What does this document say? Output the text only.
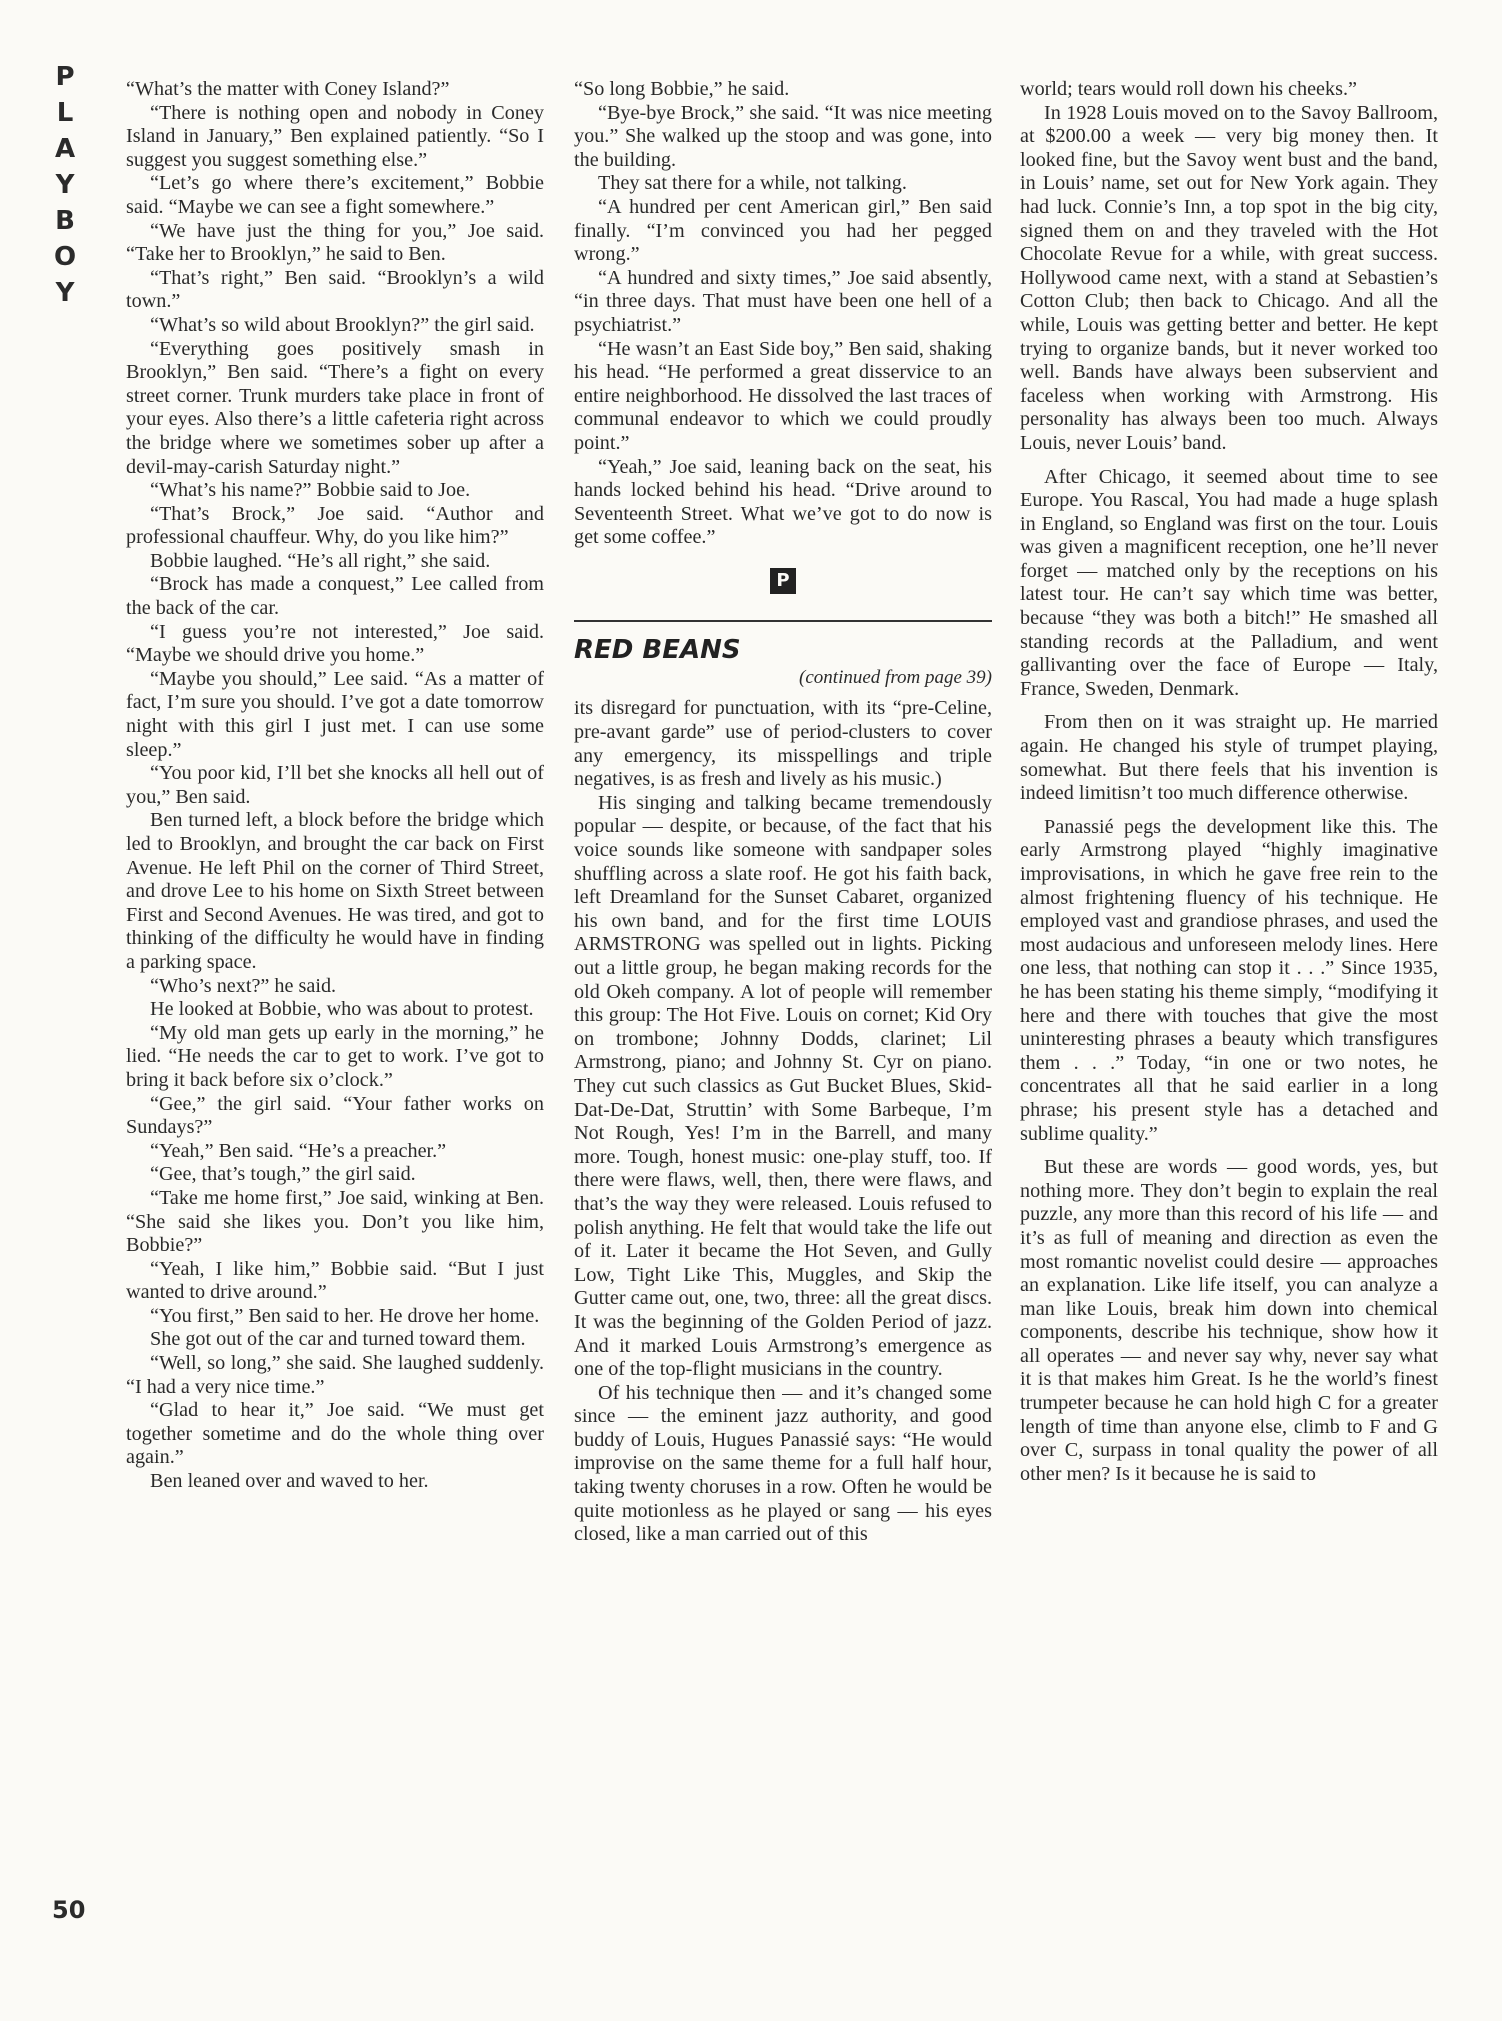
PLAYBOY
50

“What’s the matter with Coney Island?”

“There is nothing open and nobody in Coney Island in January,” Ben explained patiently. “So I suggest you suggest something else.”

“Let’s go where there’s excitement,” Bobbie said. “Maybe we can see a fight somewhere.”

“We have just the thing for you,” Joe said. “Take her to Brooklyn,” he said to Ben.

“That’s right,” Ben said. “Brooklyn’s a wild town.”

“What’s so wild about Brooklyn?” the girl said.

“Everything goes positively smash in Brooklyn,” Ben said. “There’s a fight on every street corner. Trunk murders take place in front of your eyes. Also there’s a little cafeteria right across the bridge where we sometimes sober up after a devil-may-carish Saturday night.”

“What’s his name?” Bobbie said to Joe.

“That’s Brock,” Joe said. “Author and professional chauffeur. Why, do you like him?”

Bobbie laughed. “He’s all right,” she said.

“Brock has made a conquest,” Lee called from the back of the car.

“I guess you’re not interested,” Joe said. “Maybe we should drive you home.”

“Maybe you should,” Lee said. “As a matter of fact, I’m sure you should. I’ve got a date tomorrow night with this girl I just met. I can use some sleep.”

“You poor kid, I’ll bet she knocks all hell out of you,” Ben said.

Ben turned left, a block before the bridge which led to Brooklyn, and brought the car back on First Avenue. He left Phil on the corner of Third Street, and drove Lee to his home on Sixth Street between First and Second Avenues. He was tired, and got to thinking of the difficulty he would have in finding a parking space.

“Who’s next?” he said.

He looked at Bobbie, who was about to protest.

“My old man gets up early in the morning,” he lied. “He needs the car to get to work. I’ve got to bring it back before six o’clock.”

“Gee,” the girl said. “Your father works on Sundays?”

“Yeah,” Ben said. “He’s a preacher.”

“Gee, that’s tough,” the girl said.

“Take me home first,” Joe said, winking at Ben. “She said she likes you. Don’t you like him, Bobbie?”

“Yeah, I like him,” Bobbie said. “But I just wanted to drive around.”

“You first,” Ben said to her. He drove her home.

She got out of the car and turned toward them.

“Well, so long,” she said. She laughed suddenly. “I had a very nice time.”

“Glad to hear it,” Joe said. “We must get together sometime and do the whole thing over again.”

Ben leaned over and waved to her.

“So long Bobbie,” he said.

“Bye-bye Brock,” she said. “It was nice meeting you.” She walked up the stoop and was gone, into the building.

They sat there for a while, not talking.

“A hundred per cent American girl,” Ben said finally. “I’m convinced you had her pegged wrong.”

“A hundred and sixty times,” Joe said absently, “in three days. That must have been one hell of a psychiatrist.”

“He wasn’t an East Side boy,” Ben said, shaking his head. “He performed a great disservice to an entire neighborhood. He dissolved the last traces of communal endeavor to which we could proudly point.”

“Yeah,” Joe said, leaning back on the seat, his hands locked behind his head. “Drive around to Seventeenth Street. What we’ve got to do now is get some coffee.”

P
RED BEANS
(continued from page 39)

its disregard for punctuation, with its “pre-Celine, pre-avant garde” use of period-clusters to cover any emergency, its misspellings and triple negatives, is as fresh and lively as his music.)

His singing and talking became tremendously popular — despite, or because, of the fact that his voice sounds like someone with sandpaper soles shuffling across a slate roof. He got his faith back, left Dreamland for the Sunset Cabaret, organized his own band, and for the first time LOUIS ARMSTRONG was spelled out in lights. Picking out a little group, he began making records for the old Okeh company. A lot of people will remember this group: The Hot Five. Louis on cornet; Kid Ory on trombone; Johnny Dodds, clarinet; Lil Armstrong, piano; and Johnny St. Cyr on piano. They cut such classics as Gut Bucket Blues, Skid-Dat-De-Dat, Struttin’ with Some Barbeque, I’m Not Rough, Yes! I’m in the Barrell, and many more. Tough, honest music: one-play stuff, too. If there were flaws, well, then, there were flaws, and that’s the way they were released. Louis refused to polish anything. He felt that would take the life out of it. Later it became the Hot Seven, and Gully Low, Tight Like This, Muggles, and Skip the Gutter came out, one, two, three: all the great discs. It was the beginning of the Golden Period of jazz. And it marked Louis Armstrong’s emergence as one of the top-flight musicians in the country.

Of his technique then — and it’s changed some since — the eminent jazz authority, and good buddy of Louis, Hugues Panassié says: “He would improvise on the same theme for a full half hour, taking twenty choruses in a row. Often he would be quite motionless as he played or sang — his eyes closed, like a man carried out of this

world; tears would roll down his cheeks.”

In 1928 Louis moved on to the Savoy Ballroom, at $200.00 a week — very big money then. It looked fine, but the Savoy went bust and the band, in Louis’ name, set out for New York again. They had luck. Connie’s Inn, a top spot in the big city, signed them on and they traveled with the Hot Chocolate Revue for a while, with great success. Hollywood came next, with a stand at Sebastien’s Cotton Club; then back to Chicago. And all the while, Louis was getting better and better. He kept trying to organize bands, but it never worked too well. Bands have always been subservient and faceless when working with Armstrong. His personality has always been too much. Always Louis, never Louis’ band.

After Chicago, it seemed about time to see Europe. You Rascal, You had made a huge splash in England, so England was first on the tour. Louis was given a magnificent reception, one he’ll never forget — matched only by the receptions on his latest tour. He can’t say which time was better, because “they was both a bitch!” He smashed all standing records at the Palladium, and went gallivanting over the face of Europe — Italy, France, Sweden, Denmark.

From then on it was straight up. He married again. He changed his style of trumpet playing, somewhat. But there feels that his invention is indeed limitisn’t too much difference otherwise.

Panassié pegs the development like this. The early Armstrong played “highly imaginative improvisations, in which he gave free rein to the almost frightening fluency of his technique. He employed vast and grandiose phrases, and used the most audacious and unforeseen melody lines. Here one less, that nothing can stop it . . .” Since 1935, he has been stating his theme simply, “modifying it here and there with touches that give the most uninteresting phrases a beauty which transfigures them . . .” Today, “in one or two notes, he concentrates all that he said earlier in a long phrase; his present style has a detached and sublime quality.”

But these are words — good words, yes, but nothing more. They don’t begin to explain the real puzzle, any more than this record of his life — and it’s as full of meaning and direction as even the most romantic novelist could desire — approaches an explanation. Like life itself, you can analyze a man like Louis, break him down into chemical components, describe his technique, show how it all operates — and never say why, never say what it is that makes him Great. Is he the world’s finest trumpeter because he can hold high C for a greater length of time than anyone else, climb to F and G over C, surpass in tonal quality the power of all other men? Is it because he is said to
